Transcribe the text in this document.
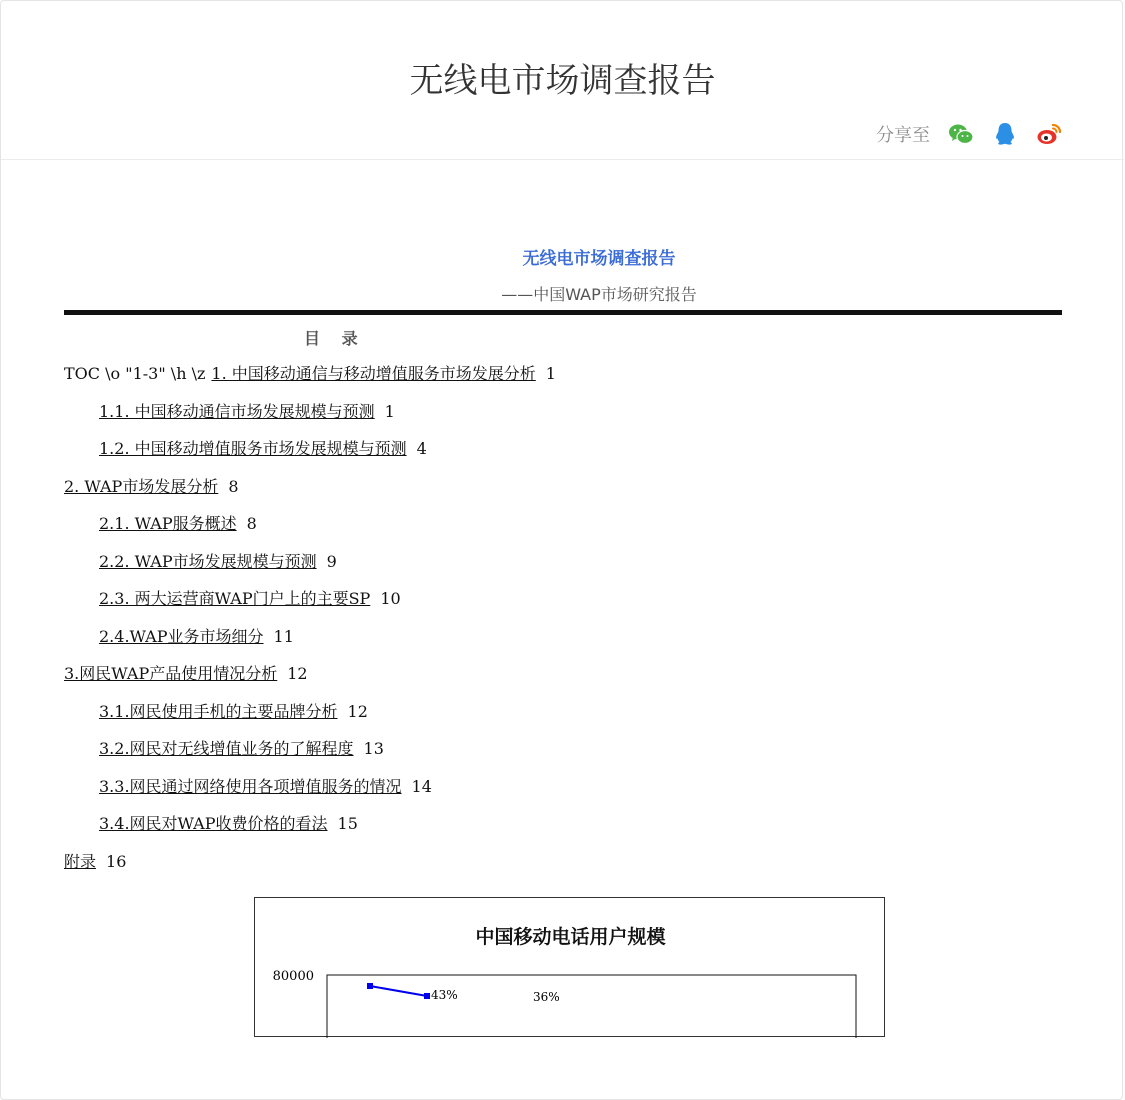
无线电市场调查报告
分享至
无线电市场调查报告
——中国WAP市场研究报告
目 录
TOC \o "1-3" \h \z 1. 中国移动通信与移动增值服务市场发展分析 1
1.1. 中国移动通信市场发展规模与预测 1
1.2. 中国移动增值服务市场发展规模与预测 4
2. WAP市场发展分析 8
2.1. WAP服务概述 8
2.2. WAP市场发展规模与预测 9
2.3. 两大运营商WAP门户上的主要SP 10
2.4.WAP业务市场细分 11
3.网民WAP产品使用情况分析 12
3.1.网民使用手机的主要品牌分析 12
3.2.网民对无线增值业务的了解程度 13
3.3.网民通过网络使用各项增值服务的情况 14
3.4.网民对WAP收费价格的看法 15
附录 16
中国移动电话用户规模
80000
43%	36%
